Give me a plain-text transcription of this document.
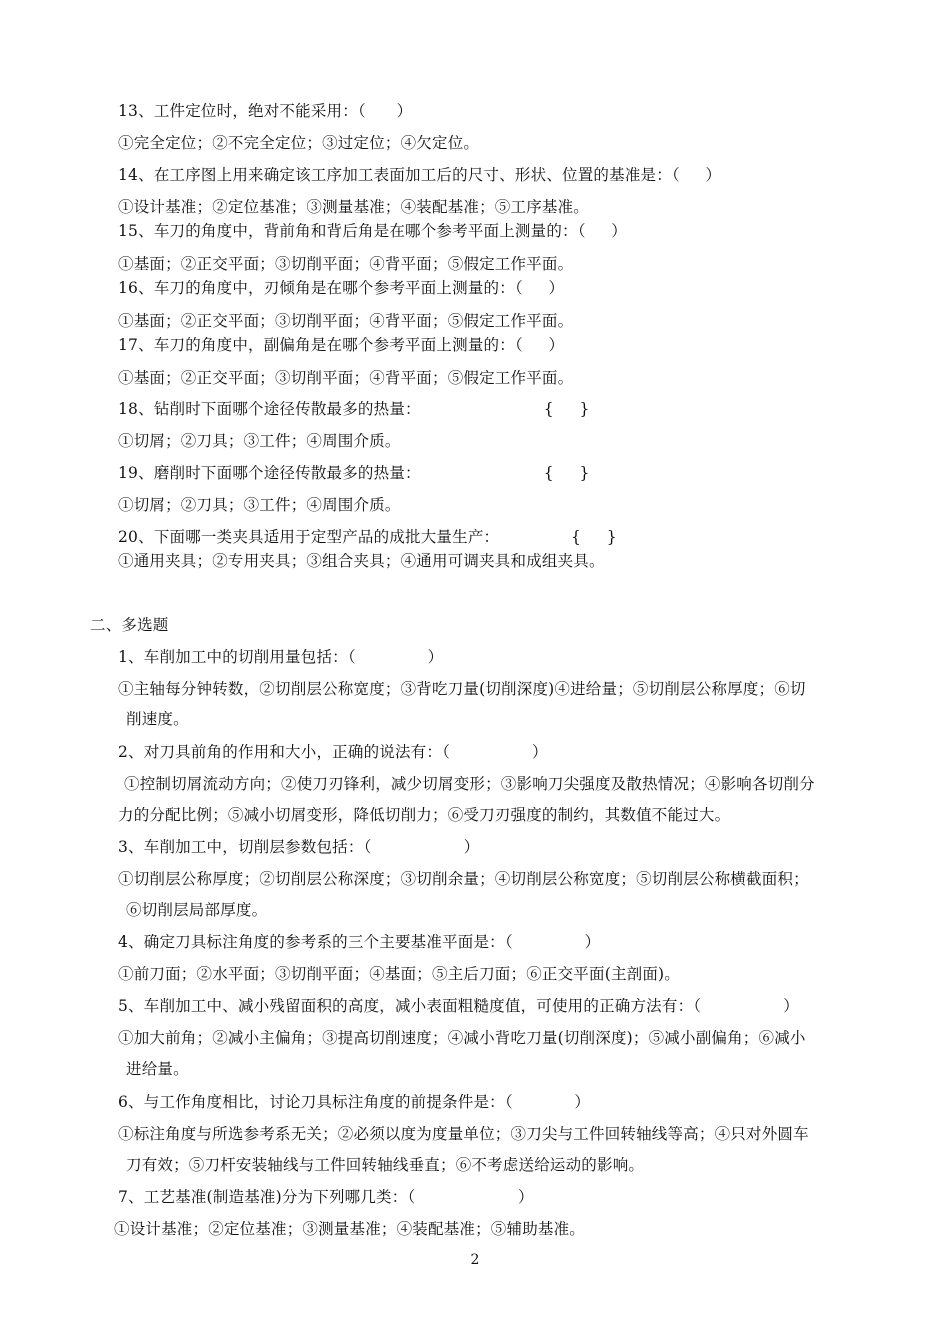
13、工件定位时，绝对不能采用：（      ）
①完全定位；②不完全定位；③过定位；④欠定位。
14、在工序图上用来确定该工序加工表面加工后的尺寸、形状、位置的基准是：（     ）
①设计基准；②定位基准；③测量基准；④装配基准；⑤工序基准。
15、车刀的角度中，背前角和背后角是在哪个参考平面上测量的：（     ）
①基面；②正交平面；③切削平面；④背平面；⑤假定工作平面。
16、车刀的角度中，刃倾角是在哪个参考平面上测量的：（     ）
①基面；②正交平面；③切削平面；④背平面；⑤假定工作平面。
17、车刀的角度中，副偏角是在哪个参考平面上测量的：（     ）
①基面；②正交平面；③切削平面；④背平面；⑤假定工作平面。
18、钻削时下面哪个途径传散最多的热量：                        {     }
①切屑；②刀具；③工件；④周围介质。
19、磨削时下面哪个途径传散最多的热量：                        {     }
①切屑；②刀具；③工件；④周围介质。
20、下面哪一类夹具适用于定型产品的成批大量生产：              {     }
①通用夹具；②专用夹具；③组合夹具；④通用可调夹具和成组夹具。
二、多选题
1、车削加工中的切削用量包括：（              ）
①主轴每分钟转数，②切削层公称宽度；③背吃刀量(切削深度)④进给量；⑤切削层公称厚度；⑥切
削速度。
2、对刀具前角的作用和大小，正确的说法有：（                ）
①控制切屑流动方向；②使刀刃锋利，减少切屑变形；③影响刀尖强度及散热情况；④影响各切削分
力的分配比例；⑤减小切屑变形，降低切削力；⑥受刀刃强度的制约，其数值不能过大。
3、车削加工中，切削层参数包括：（                  ）
①切削层公称厚度；②切削层公称深度；③切削余量；④切削层公称宽度；⑤切削层公称横截面积；
⑥切削层局部厚度。
4、确定刀具标注角度的参考系的三个主要基准平面是：（              ）
①前刀面；②水平面；③切削平面；④基面；⑤主后刀面；⑥正交平面(主剖面)。
5、车削加工中、减小残留面积的高度，减小表面粗糙度值，可使用的正确方法有：（                ）
①加大前角；②减小主偏角；③提高切削速度；④减小背吃刀量(切削深度)；⑤减小副偏角；⑥减小
进给量。
6、与工作角度相比，讨论刀具标注角度的前提条件是：（            ）
①标注角度与所选参考系无关；②必须以度为度量单位；③刀尖与工件回转轴线等高；④只对外圆车
刀有效；⑤刀杆安装轴线与工件回转轴线垂直；⑥不考虑送给运动的影响。
7、工艺基准(制造基准)分为下列哪几类：（                    ）
①设计基准；②定位基准；③测量基准；④装配基准；⑤辅助基准。
2
